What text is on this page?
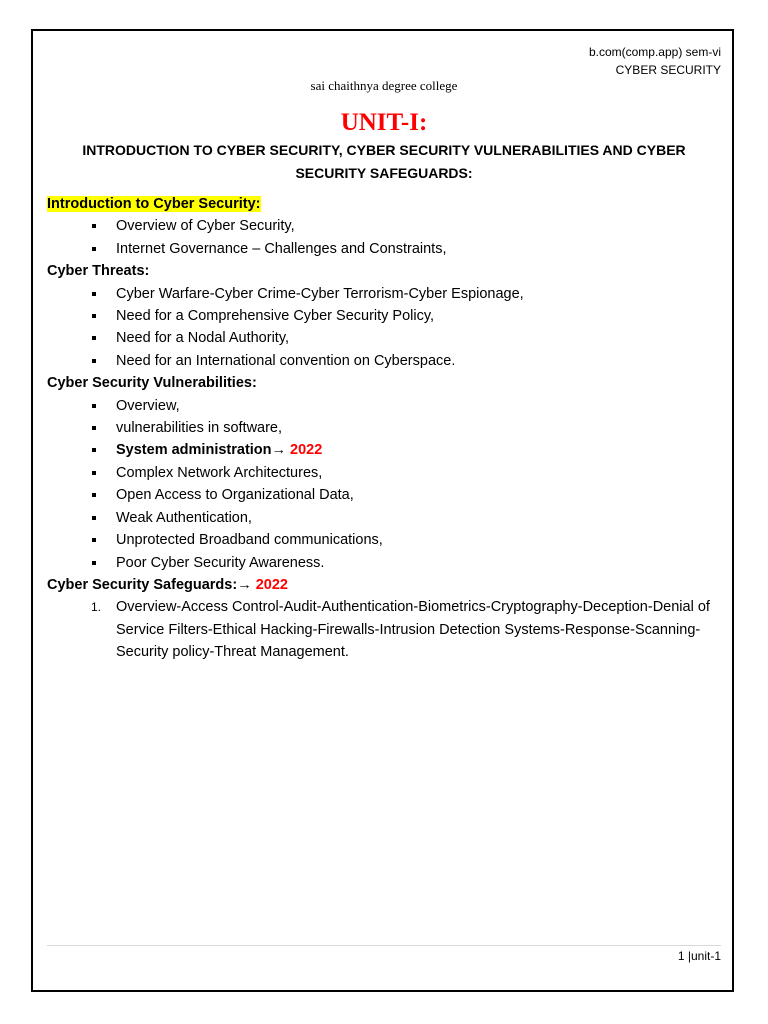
b.com(comp.app) sem-vi
CYBER SECURITY
sai chaithnya degree college
UNIT-I:
INTRODUCTION TO CYBER SECURITY, CYBER SECURITY VULNERABILITIES AND CYBER SECURITY SAFEGUARDS:
Introduction to Cyber Security:
Overview of Cyber Security,
Internet Governance – Challenges and Constraints,
Cyber Threats:
Cyber Warfare-Cyber Crime-Cyber Terrorism-Cyber Espionage,
Need for a Comprehensive Cyber Security Policy,
Need for a Nodal Authority,
Need for an International convention on Cyberspace.
Cyber Security Vulnerabilities:
Overview,
vulnerabilities in software,
System administration→ 2022
Complex Network Architectures,
Open Access to Organizational Data,
Weak Authentication,
Unprotected Broadband communications,
Poor Cyber Security Awareness.
Cyber Security Safeguards:→ 2022
1. Overview-Access Control-Audit-Authentication-Biometrics-Cryptography-Deception-Denial of Service Filters-Ethical Hacking-Firewalls-Intrusion Detection Systems-Response-Scanning-Security policy-Threat Management.
1 |unit-1
